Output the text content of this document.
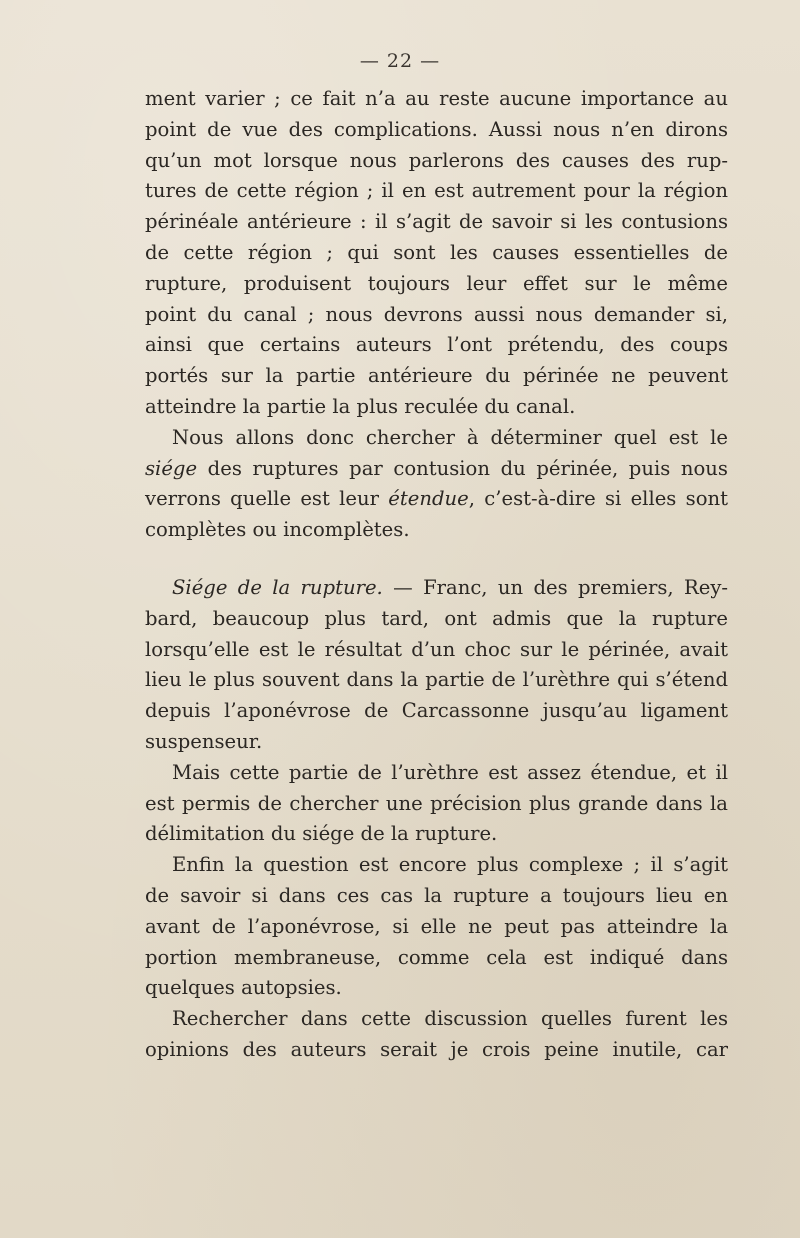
— 22 —
ment varier ; ce fait n’a au reste aucune importance au
point de vue des complications. Aussi nous n’en dirons
qu’un mot lorsque nous parlerons des causes des rup-
tures de cette région ; il en est autrement pour la région
périnéale antérieure : il s’agit de savoir si les contusions
de cette région ; qui sont les causes essentielles de
rupture, produisent toujours leur effet sur le même
point du canal ; nous devrons aussi nous demander si,
ainsi que certains auteurs l’ont prétendu, des coups
portés sur la partie antérieure du périnée ne peuvent
atteindre la partie la plus reculée du canal.
Nous allons donc chercher à déterminer quel est le
siége des ruptures par contusion du périnée, puis nous
verrons quelle est leur étendue, c’est-à-dire si elles sont
complètes ou incomplètes.
Siége de la rupture. — Franc, un des premiers, Rey-
bard, beaucoup plus tard, ont admis que la rupture
lorsqu’elle est le résultat d’un choc sur le périnée, avait
lieu le plus souvent dans la partie de l’urèthre qui s’étend
depuis l’aponévrose de Carcassonne jusqu’au ligament
suspenseur.
Mais cette partie de l’urèthre est assez étendue, et il
est permis de chercher une précision plus grande dans la
délimitation du siége de la rupture.
Enfin la question est encore plus complexe ; il s’agit
de savoir si dans ces cas la rupture a toujours lieu en
avant de l’aponévrose, si elle ne peut pas atteindre la
portion membraneuse, comme cela est indiqué dans
quelques autopsies.
Rechercher dans cette discussion quelles furent les
opinions des auteurs serait je crois peine inutile, car
